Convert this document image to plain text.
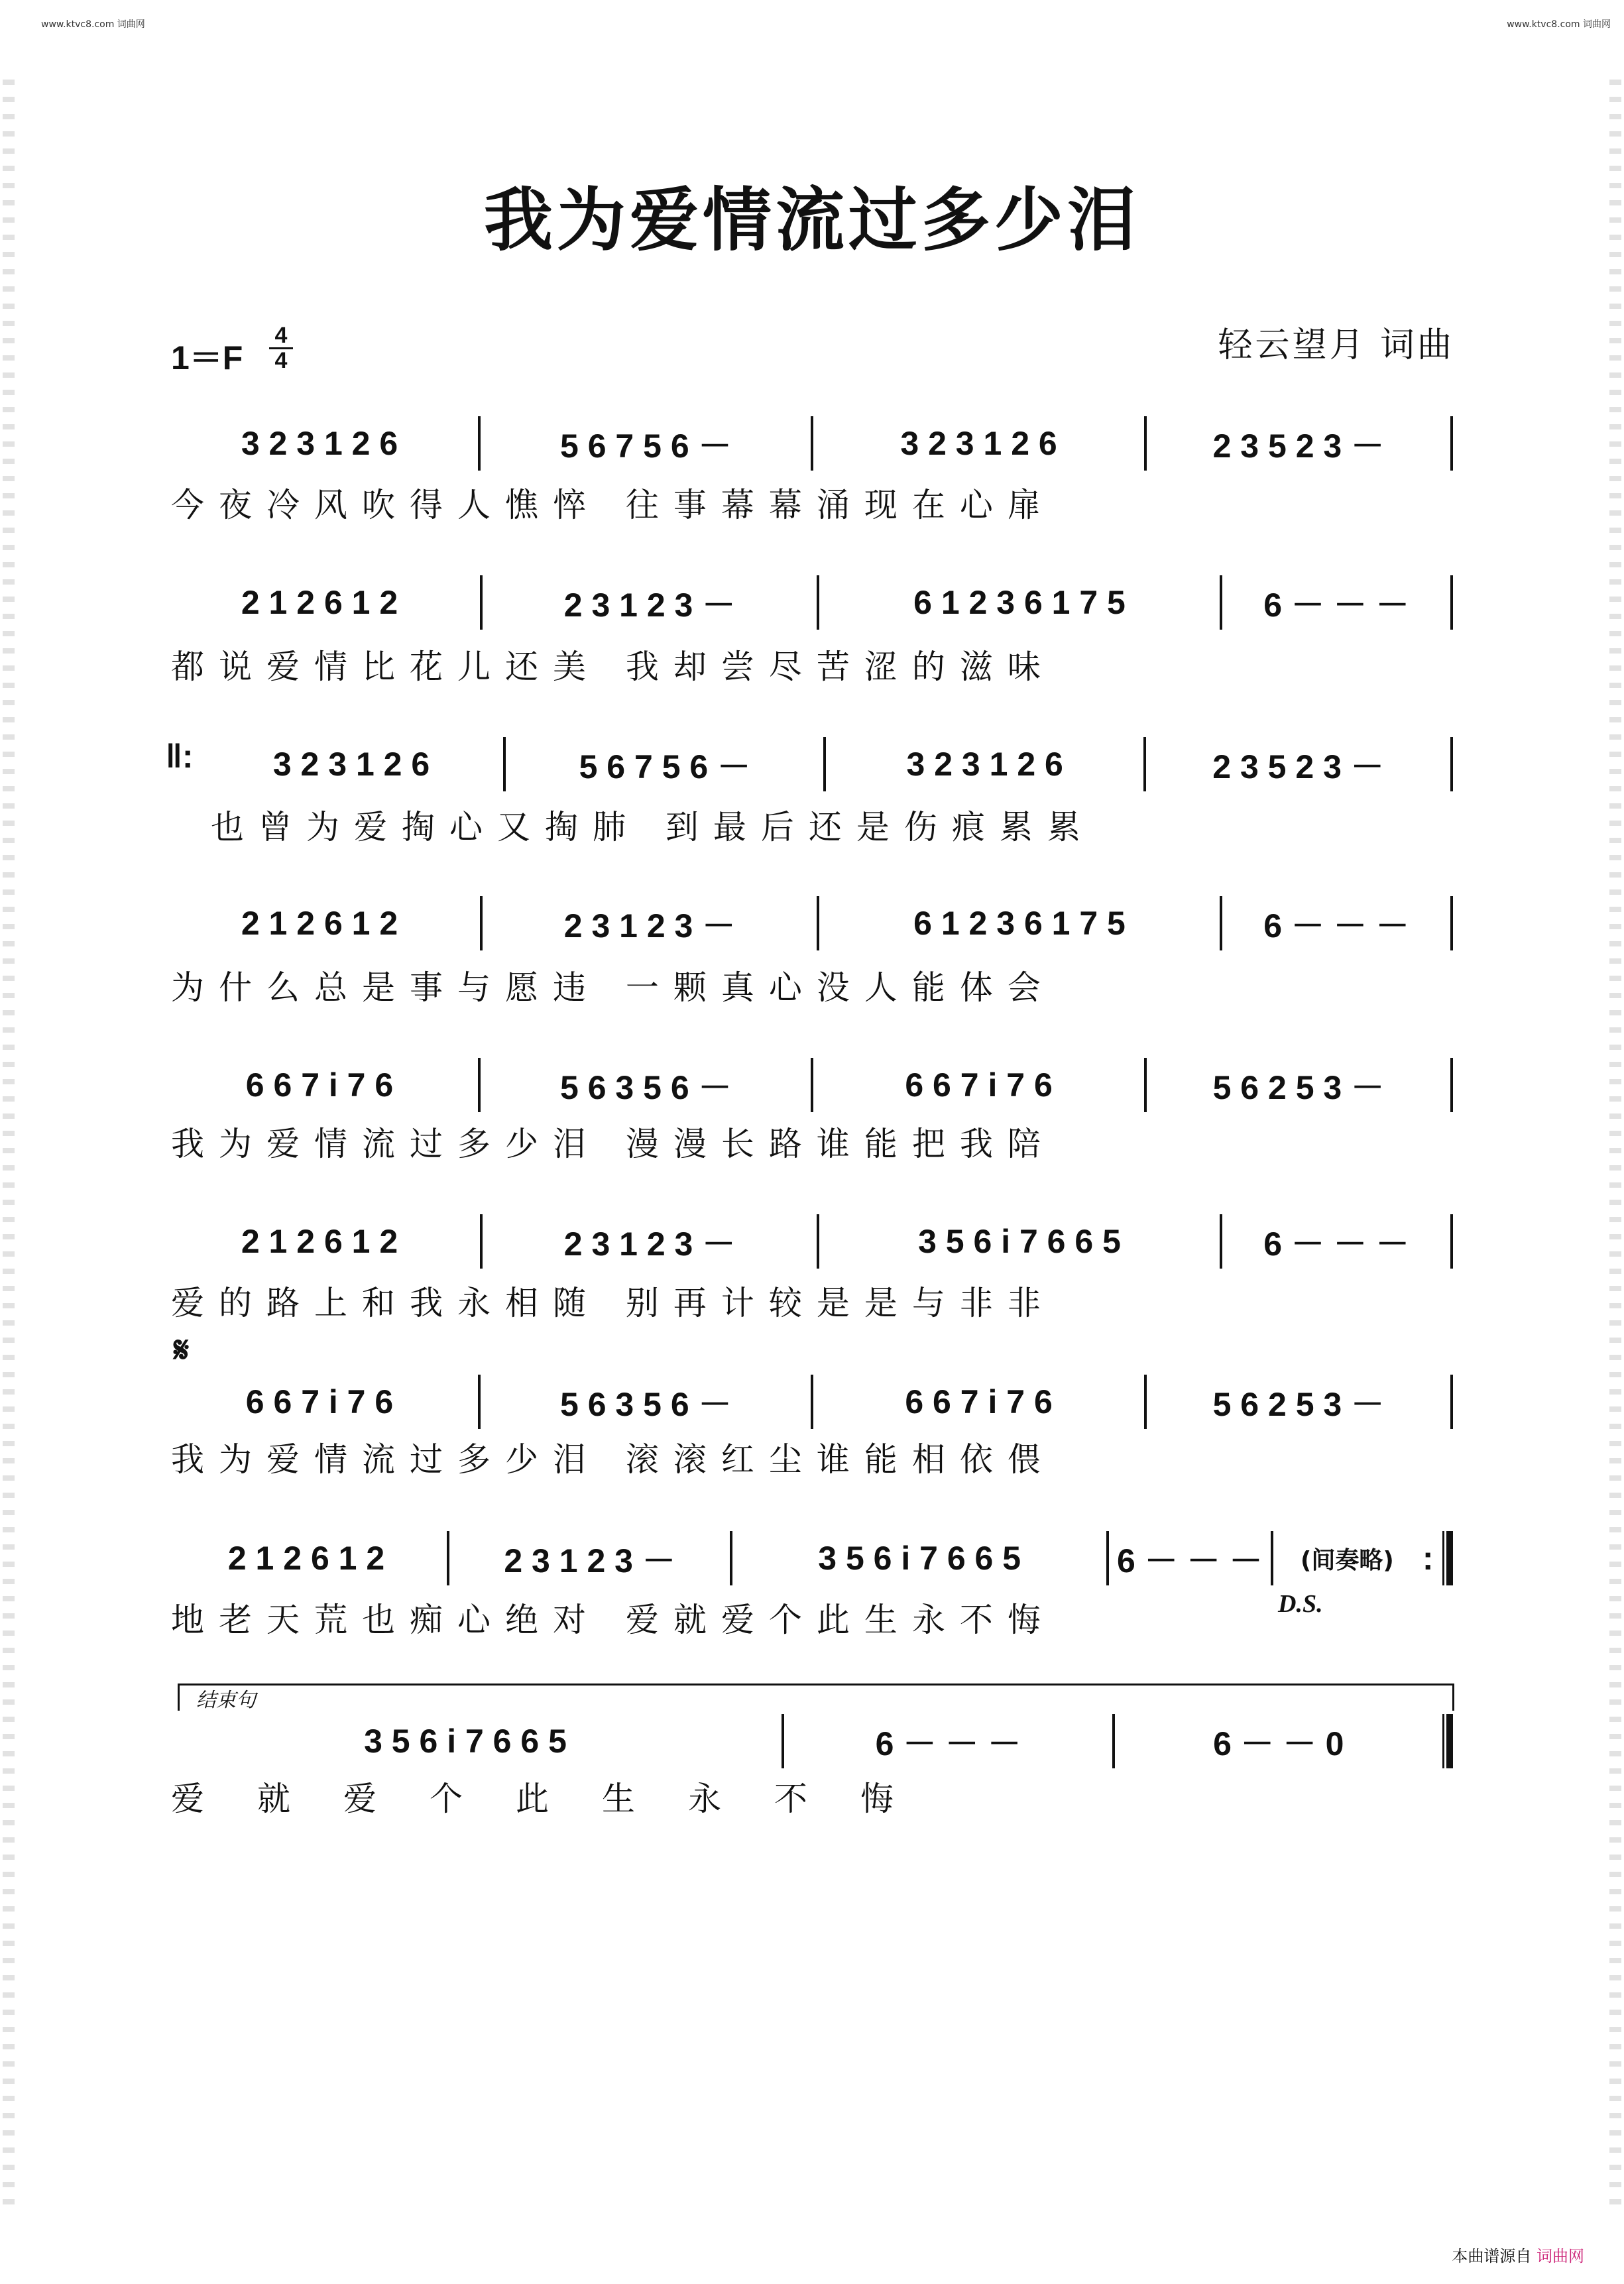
www.ktvc8.com 词曲网	www.ktvc8.com 词曲网
我为爱情流过多少泪
1＝F
4
4	轻云望月 词曲
3 2 3 1 2 6	5 6 7 5 6 －	3 2 3 1 2 6	2 3 5 2 3 －
今夜冷风吹得人憔悴 往事幕幕涌现在心扉
2 1 2 6 1 2	2 3 1 2 3 －	6 1 2 3 6 1 7 5	6 － － －
都说爱情比花儿还美 我却尝尽苦涩的滋味
‖:	3 2 3 1 2 6	5 6 7 5 6 －	3 2 3 1 2 6	2 3 5 2 3 －
也曾为爱掏心又掏肺 到最后还是伤痕累累
2 1 2 6 1 2	2 3 1 2 3 －	6 1 2 3 6 1 7 5	6 － － －
为什么总是事与愿违 一颗真心没人能体会
6 6 7 i 7 6	5 6 3 5 6 －	6 6 7 i 7 6	5 6 2 5 3 －
我为爱情流过多少泪 漫漫长路谁能把我陪
2 1 2 6 1 2	2 3 1 2 3 －	3 5 6 i 7 6 6 5	6 － － －
爱的路上和我永相随 别再计较是是与非非
𝄋
6 6 7 i 7 6	5 6 3 5 6 －	6 6 7 i 7 6	5 6 2 5 3 －
我为爱情流过多少泪 滚滚红尘谁能相依偎
2 1 2 6 1 2	2 3 1 2 3 －	3 5 6 i 7 6 6 5	6 － － －	(间奏略) :
地老天荒也痴心绝对 爱就爱个此生永不悔	D.S.
结束句
3 5 6 i 7 6 6 5	6 － － －	6 － － 0
爱就爱个此生永不悔
本曲谱源自 词曲网
